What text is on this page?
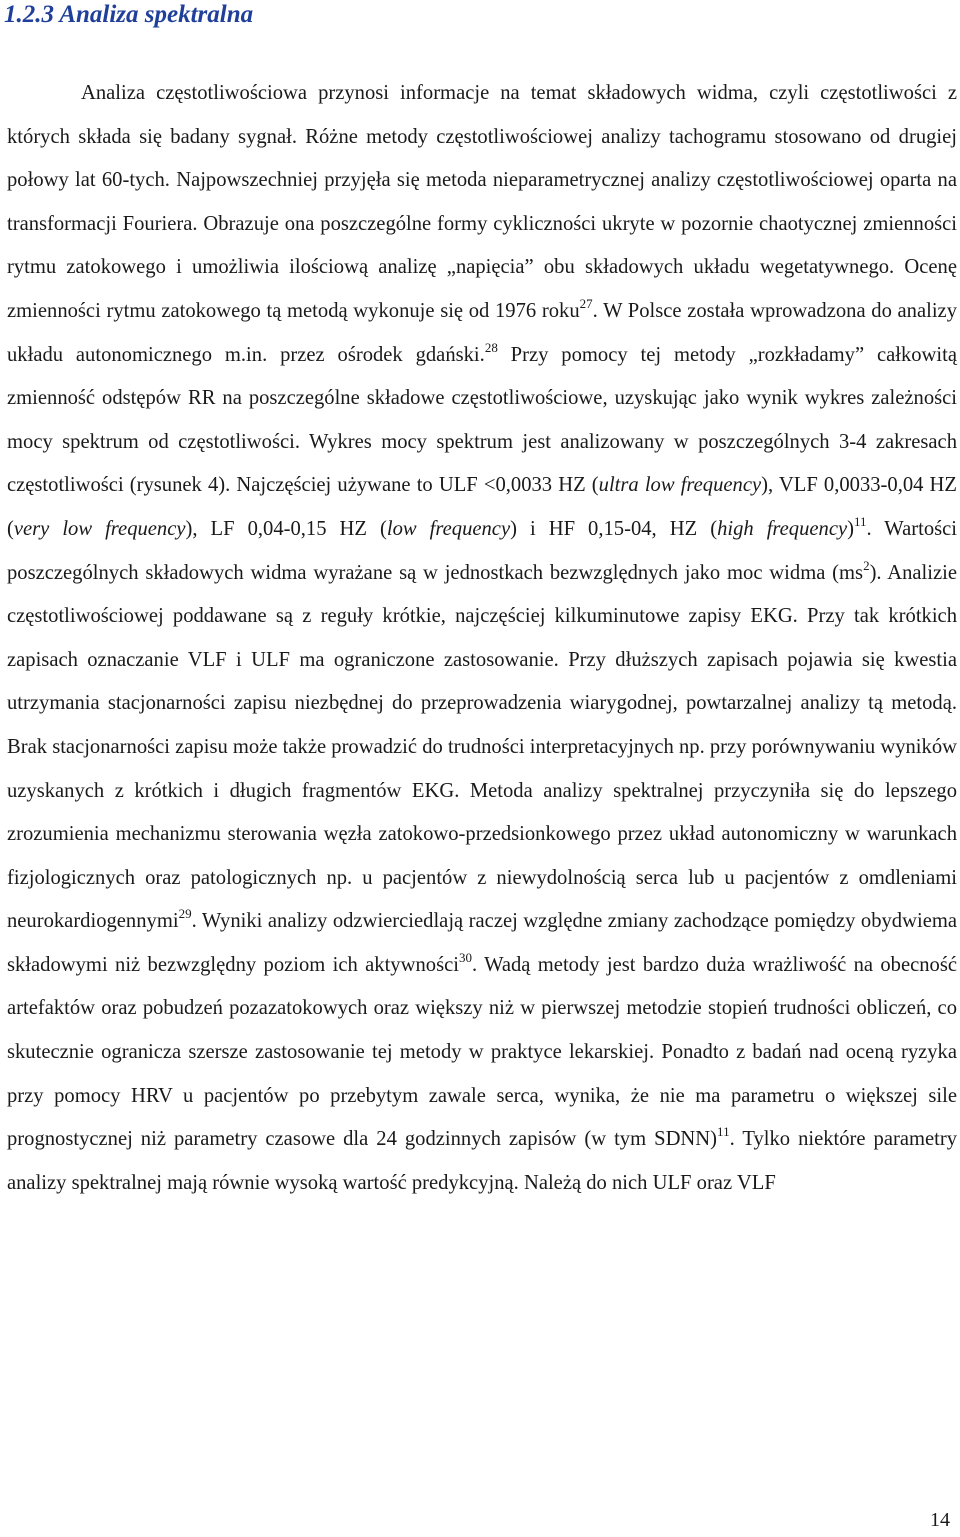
1.2.3 Analiza spektralna

Analiza częstotliwościowa przynosi informacje na temat składowych widma, czyli częstotliwości z których składa się badany sygnał. Różne metody częstotliwościowej analizy tachogramu stosowano od drugiej połowy lat 60-tych. Najpowszechniej przyjęła się metoda nieparametrycznej analizy częstotliwościowej oparta na transformacji Fouriera. Obrazuje ona poszczególne formy cykliczności ukryte w pozornie chaotycznej zmienności rytmu zatokowego i umożliwia ilościową analizę „napięcia” obu składowych układu wegetatywnego. Ocenę zmienności rytmu zatokowego tą metodą wykonuje się od 1976 roku$^{27}$. W Polsce została wprowadzona do analizy układu autonomicznego m.in. przez ośrodek gdański.$^{28}$ Przy pomocy tej metody „rozkładamy” całkowitą zmienność odstępów RR na poszczególne składowe częstotliwościowe, uzyskując jako wynik wykres zależności mocy spektrum od częstotliwości. Wykres mocy spektrum jest analizowany w poszczególnych 3-4 zakresach częstotliwości (rysunek 4). Najczęściej używane to ULF <0,0033 HZ (ultra low frequency), VLF 0,0033-0,04 HZ (very low frequency), LF 0,04-0,15 HZ (low frequency) i HF 0,15-04, HZ (high frequency)$^{11}$. Wartości poszczególnych składowych widma wyrażane są w jednostkach bezwzględnych jako moc widma $(ms^2)$. Analizie częstotliwościowej poddawane są z reguły krótkie, najczęściej kilkuminutowe zapisy EKG. Przy tak krótkich zapisach oznaczanie VLF i ULF ma ograniczone zastosowanie. Przy dłuższych zapisach pojawia się kwestia utrzymania stacjonarności zapisu niezbędnej do przeprowadzenia wiarygodnej, powtarzalnej analizy tą metodą. Brak stacjonarności zapisu może także prowadzić do trudności interpretacyjnych np. przy porównywaniu wyników uzyskanych z krótkich i długich fragmentów EKG. Metoda analizy spektralnej przyczyniła się do lepszego zrozumienia mechanizmu sterowania węzła zatokowo-przedsionkowego przez układ autonomiczny w warunkach fizjologicznych oraz patologicznych np. u pacjentów z niewydolnością serca lub u pacjentów z omdleniami neurokardiogennymi$^{29}$. Wyniki analizy odzwierciedlają raczej względne zmiany zachodzące pomiędzy obydwiema składowymi niż bezwzględny poziom ich aktywności$^{30}$. Wadą metody jest bardzo duża wrażliwość na obecność artefaktów oraz pobudzeń pozazatokowych oraz większy niż w pierwszej metodzie stopień trudności obliczeń, co skutecznie ogranicza szersze zastosowanie tej metody w praktyce lekarskiej. Ponadto z badań nad oceną ryzyka przy pomocy HRV u pacjentów po przebytym zawale serca, wynika, że nie ma parametru o większej sile prognostycznej niż parametry czasowe dla 24 godzinnych zapisów (w tym SDNN)$^{11}$. Tylko niektóre parametry analizy spektralnej mają równie wysoką wartość predykcyjną. Należą do nich ULF oraz VLF

14
